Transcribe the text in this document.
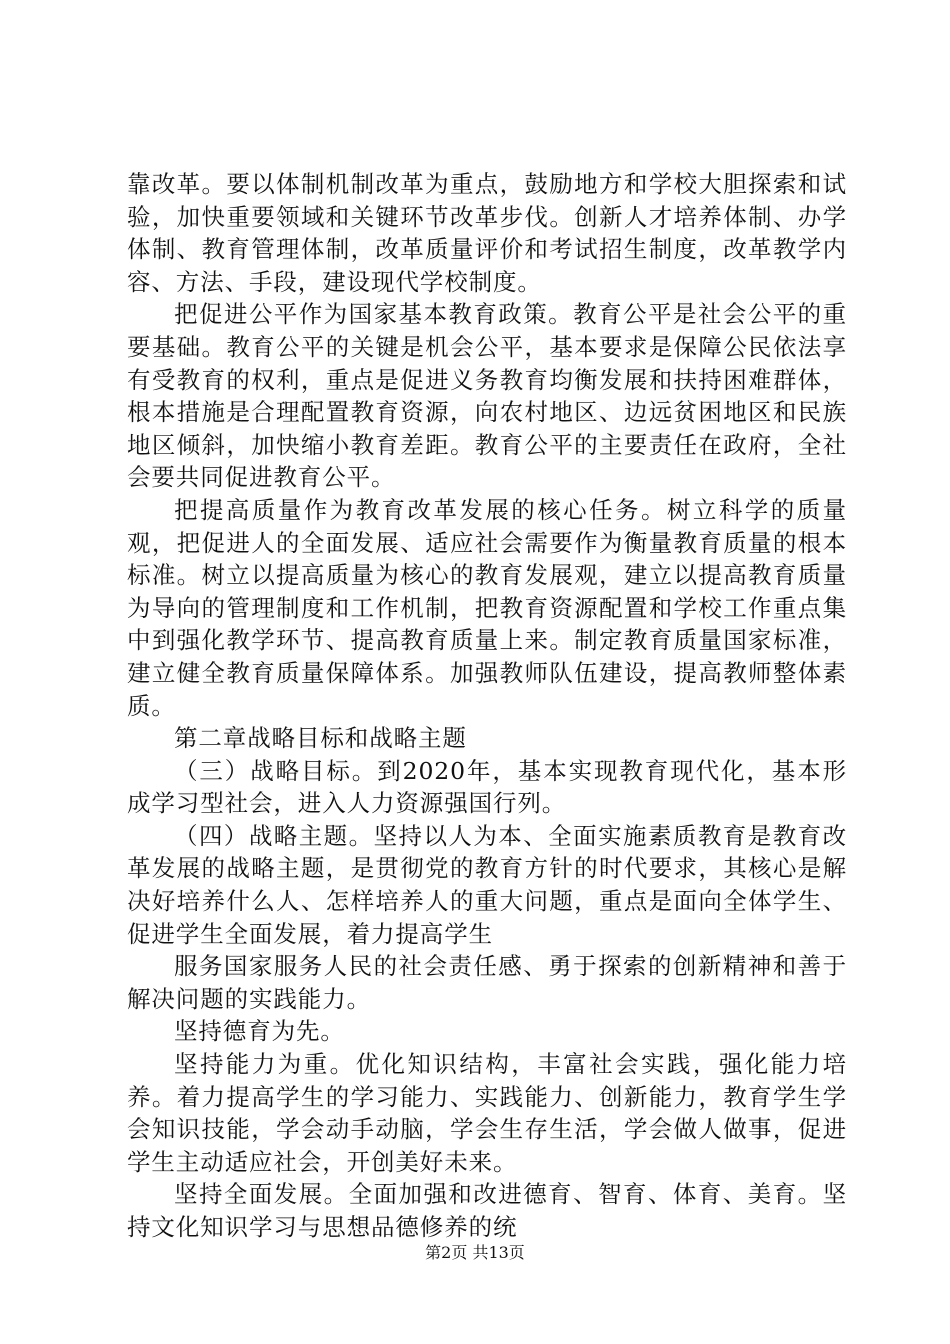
靠改革。要以体制机制改革为重点，鼓励地方和学校大胆探索和试验，加快重要领域和关键环节改革步伐。创新人才培养体制、办学体制、教育管理体制，改革质量评价和考试招生制度，改革教学内容、方法、手段，建设现代学校制度。

把促进公平作为国家基本教育政策。教育公平是社会公平的重要基础。教育公平的关键是机会公平，基本要求是保障公民依法享有受教育的权利，重点是促进义务教育均衡发展和扶持困难群体，根本措施是合理配置教育资源，向农村地区、边远贫困地区和民族地区倾斜，加快缩小教育差距。教育公平的主要责任在政府，全社会要共同促进教育公平。

把提高质量作为教育改革发展的核心任务。树立科学的质量观，把促进人的全面发展、适应社会需要作为衡量教育质量的根本标准。树立以提高质量为核心的教育发展观，建立以提高教育质量为导向的管理制度和工作机制，把教育资源配置和学校工作重点集中到强化教学环节、提高教育质量上来。制定教育质量国家标准，建立健全教育质量保障体系。加强教师队伍建设，提高教师整体素质。

第二章战略目标和战略主题

（三）战略目标。到2020年，基本实现教育现代化，基本形成学习型社会，进入人力资源强国行列。

（四）战略主题。坚持以人为本、全面实施素质教育是教育改革发展的战略主题，是贯彻党的教育方针的时代要求，其核心是解决好培养什么人、怎样培养人的重大问题，重点是面向全体学生、促进学生全面发展，着力提高学生

服务国家服务人民的社会责任感、勇于探索的创新精神和善于解决问题的实践能力。

坚持德育为先。

坚持能力为重。优化知识结构，丰富社会实践，强化能力培养。着力提高学生的学习能力、实践能力、创新能力，教育学生学会知识技能，学会动手动脑，学会生存生活，学会做人做事，促进学生主动适应社会，开创美好未来。

坚持全面发展。全面加强和改进德育、智育、体育、美育。坚持文化知识学习与思想品德修养的统

第2页 共13页
